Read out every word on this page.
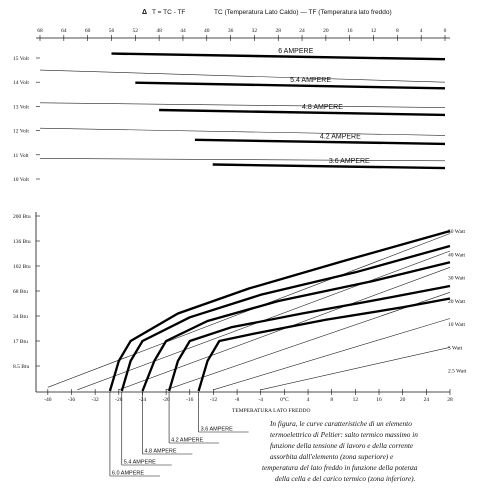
Δ T = TC - TF	TC (Temperatura Lato Caldo) — TF (Temperatura lato freddo)
68	64	60	56	52	48	44	40	36	32	28	24	20	16	12	8	4	0
15 Volt
14 Volt
13 Volt
12 Volt
11 Volt
10 Volt
6 AMPERE
5.4 AMPERE
4.8 AMPERE
4.2 AMPERE
3.6 AMPERE
-40	-36	-32	-28	-24	-20	-16	-12	-8	-4	0°C	4	8	12	16	20	24	28
200 Btu
136 Btu
102 Btu
68 Btu
34 Btu
17 Btu
8.5 Btu
50 Watt
40 Watt
30 Watt
20 Watt
10 Watt
5 Watt
2.5 Watt
6.0 AMPERE
5.4 AMPERE
4.8 AMPERE
4.2 AMPERE
3.6 AMPERE
TEMPERATURA LATO FREDDO
In figura, le curve caratteristiche di un elemento
termoelettrico di Peltier: salto termico massimo in
funzione della tensione di lavoro e della corrente
assorbita dall'elemento (zona superiore) e
temperatura del lato freddo in funzione della potenza
della cella e del carico termico (zona inferiore).
